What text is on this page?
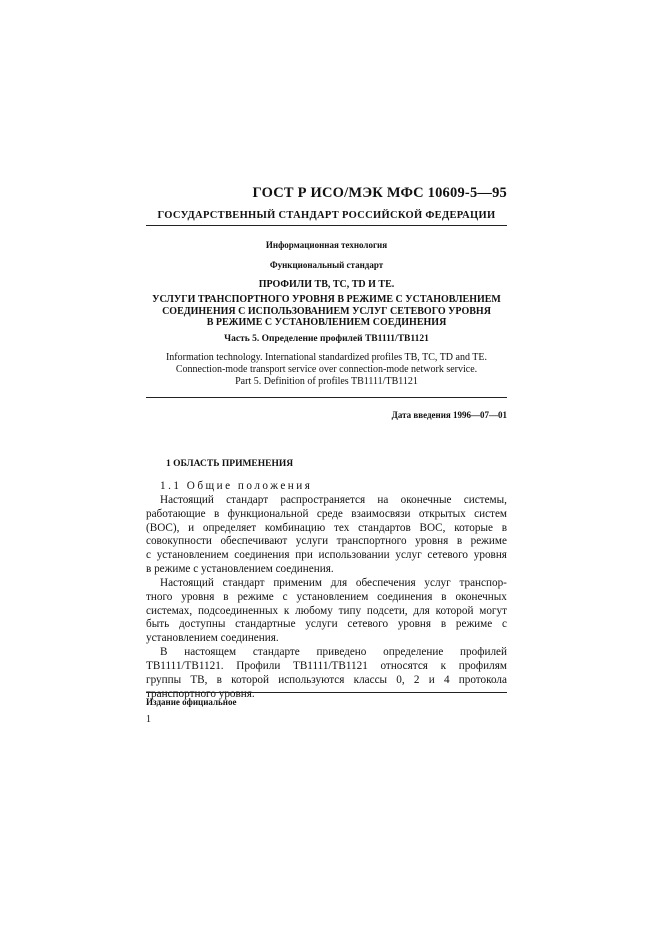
ГОСТ Р ИСО/МЭК МФС 10609-5—95
ГОСУДАРСТВЕННЫЙ СТАНДАРТ РОССИЙСКОЙ ФЕДЕРАЦИИ
Информационная технология
Функциональный стандарт
ПРОФИЛИ ТВ, ТС, TD И ТЕ.
УСЛУГИ ТРАНСПОРТНОГО УРОВНЯ В РЕЖИМЕ С УСТАНОВЛЕНИЕМ
СОЕДИНЕНИЯ С ИСПОЛЬЗОВАНИЕМ УСЛУГ СЕТЕВОГО УРОВНЯ
В РЕЖИМЕ С УСТАНОВЛЕНИЕМ СОЕДИНЕНИЯ
Часть 5. Определение профилей ТВ1111/ТВ1121
Information technology. International standardized profiles TB, TC, TD and TE.
Connection-mode transport service over connection-mode network service.
Part 5. Definition of profiles TB1111/TB1121
Дата введения 1996—07—01
1 ОБЛАСТЬ ПРИМЕНЕНИЯ
1.1 Общие положения
Настоящий стандарт распространяется на оконечные системы,
работающие в функциональной среде взаимосвязи открытых систем
(ВОС), и определяет комбинацию тех стандартов ВОС, которые в
совокупности обеспечивают услуги транспортного уровня в режиме
с установлением соединения при использовании услуг сетевого уровня
в режиме с установлением соединения.
Настоящий стандарт применим для обеспечения услуг транспор-
тного уровня в режиме с установлением соединения в оконечных
системах, подсоединенных к любому типу подсети, для которой могут
быть доступны стандартные услуги сетевого уровня в режиме с
установлением соединения.
В настоящем стандарте приведено определение профилей
ТВ1111/ТВ1121. Профили ТВ1111/ТВ1121 относятся к профилям
группы ТВ, в которой используются классы 0, 2 и 4 протокола
транспортного уровня.
Издание официальное
1
